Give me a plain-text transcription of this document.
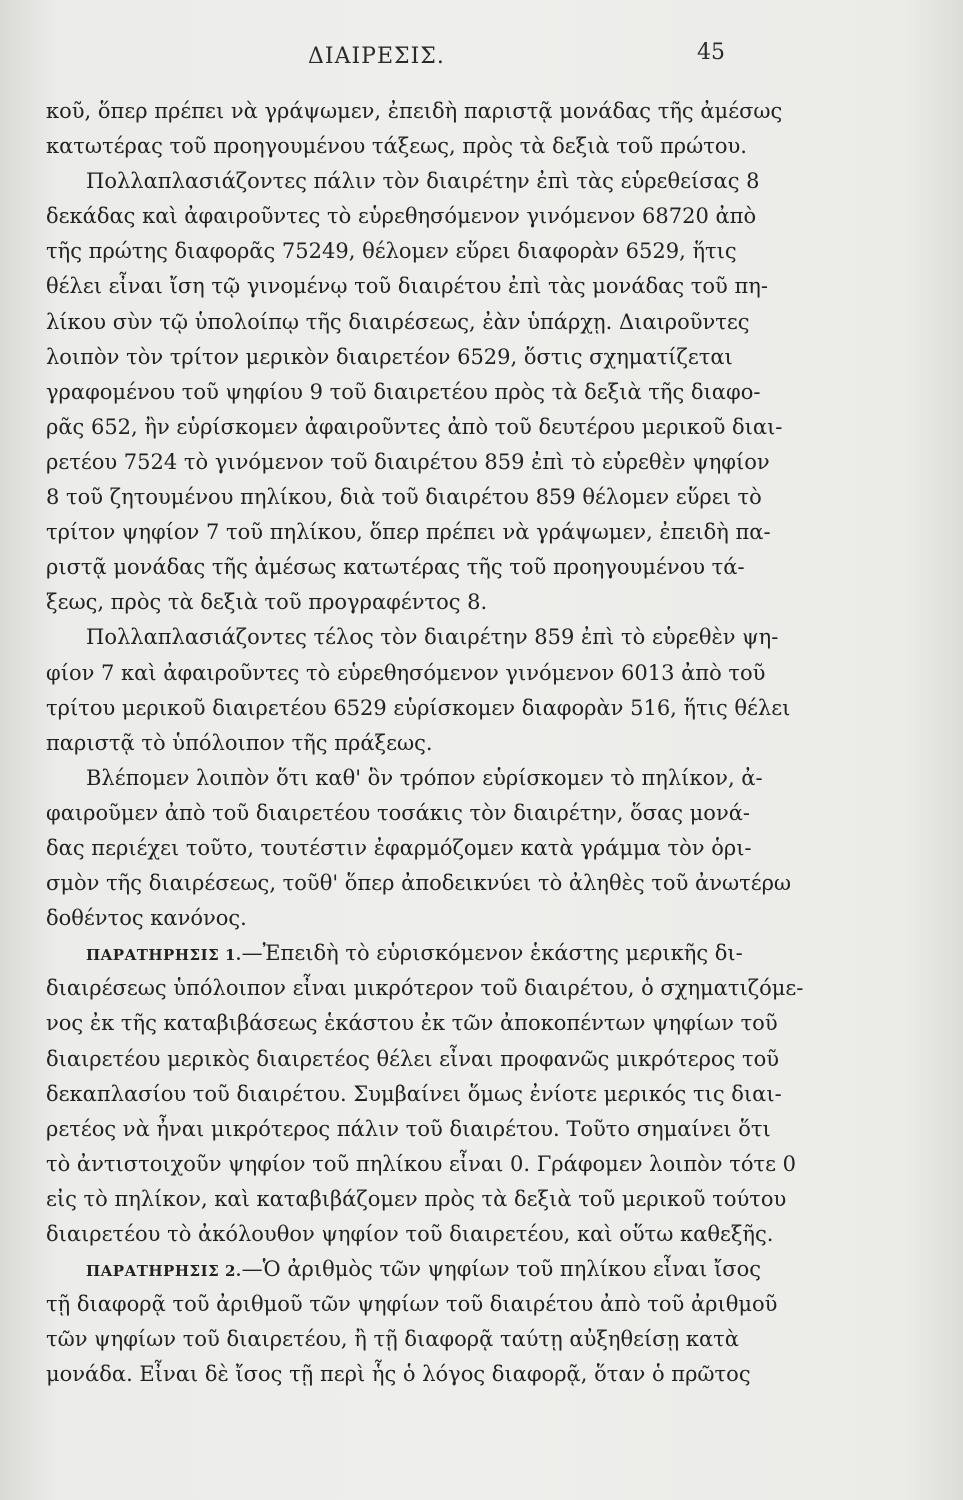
ΔΙΑΙΡΕΣΙΣ.	45
κοῦ, ὅπερ πρέπει νὰ γράψωμεν, ἐπειδὴ παριστᾷ μονάδας τῆς ἀμέσως
κατωτέρας τοῦ προηγουμένου τάξεως, πρὸς τὰ δεξιὰ τοῦ πρώτου.
Πολλαπλασιάζοντες πάλιν τὸν διαιρέτην ἐπὶ τὰς εὑρεθείσας 8
δεκάδας καὶ ἀφαιροῦντες τὸ εὑρεθησόμενον γινόμενον 68720 ἀπὸ
τῆς πρώτης διαφορᾶς 75249, θέλομεν εὕρει διαφορὰν 6529, ἥτις
θέλει εἶναι ἴση τῷ γινομένῳ τοῦ διαιρέτου ἐπὶ τὰς μονάδας τοῦ πη-
λίκου σὺν τῷ ὑπολοίπῳ τῆς διαιρέσεως, ἐὰν ὑπάρχῃ. Διαιροῦντες
λοιπὸν τὸν τρίτον μερικὸν διαιρετέον 6529, ὅστις σχηματίζεται
γραφομένου τοῦ ψηφίου 9 τοῦ διαιρετέου πρὸς τὰ δεξιὰ τῆς διαφο-
ρᾶς 652, ἢν εὑρίσκομεν ἀφαιροῦντες ἀπὸ τοῦ δευτέρου μερικοῦ διαι-
ρετέου 7524 τὸ γινόμενον τοῦ διαιρέτου 859 ἐπὶ τὸ εὑρεθὲν ψηφίον
8 τοῦ ζητουμένου πηλίκου, διὰ τοῦ διαιρέτου 859 θέλομεν εὕρει τὸ
τρίτον ψηφίον 7 τοῦ πηλίκου, ὅπερ πρέπει νὰ γράψωμεν, ἐπειδὴ πα-
ριστᾷ μονάδας τῆς ἀμέσως κατωτέρας τῆς τοῦ προηγουμένου τά-
ξεως, πρὸς τὰ δεξιὰ τοῦ προγραφέντος 8.
Πολλαπλασιάζοντες τέλος τὸν διαιρέτην 859 ἐπὶ τὸ εὑρεθὲν ψη-
φίον 7 καὶ ἀφαιροῦντες τὸ εὑρεθησόμενον γινόμενον 6013 ἀπὸ τοῦ
τρίτου μερικοῦ διαιρετέου 6529 εὑρίσκομεν διαφορὰν 516, ἥτις θέλει
παριστᾷ τὸ ὑπόλοιπον τῆς πράξεως.
Βλέπομεν λοιπὸν ὅτι καθ' ὃν τρόπον εὑρίσκομεν τὸ πηλίκον, ἀ-
φαιροῦμεν ἀπὸ τοῦ διαιρετέου τοσάκις τὸν διαιρέτην, ὅσας μονά-
δας περιέχει τοῦτο, τουτέστιν ἐφαρμόζομεν κατὰ γράμμα τὸν ὁρι-
σμὸν τῆς διαιρέσεως, τοῦθ' ὅπερ ἀποδεικνύει τὸ ἀληθὲς τοῦ ἀνωτέρω
δοθέντος κανόνος.
ΠΑΡΑΤΗΡΗΣΙΣ 1.—Ἐπειδὴ τὸ εὑρισκόμενον ἑκάστης μερικῆς δι-
διαιρέσεως ὑπόλοιπον εἶναι μικρότερον τοῦ διαιρέτου, ὁ σχηματιζόμε-
νος ἐκ τῆς καταβιβάσεως ἑκάστου ἐκ τῶν ἀποκοπέντων ψηφίων τοῦ
διαιρετέου μερικὸς διαιρετέος θέλει εἶναι προφανῶς μικρότερος τοῦ
δεκαπλασίου τοῦ διαιρέτου. Συμβαίνει ὅμως ἐνίοτε μερικός τις διαι-
ρετέος νὰ ἦναι μικρότερος πάλιν τοῦ διαιρέτου. Τοῦτο σημαίνει ὅτι
τὸ ἀντιστοιχοῦν ψηφίον τοῦ πηλίκου εἶναι 0. Γράφομεν λοιπὸν τότε 0
εἰς τὸ πηλίκον, καὶ καταβιβάζομεν πρὸς τὰ δεξιὰ τοῦ μερικοῦ τούτου
διαιρετέου τὸ ἀκόλουθον ψηφίον τοῦ διαιρετέου, καὶ οὕτω καθεξῆς.
ΠΑΡΑΤΗΡΗΣΙΣ 2.—Ὁ ἀριθμὸς τῶν ψηφίων τοῦ πηλίκου εἶναι ἴσος
τῇ διαφορᾷ τοῦ ἀριθμοῦ τῶν ψηφίων τοῦ διαιρέτου ἀπὸ τοῦ ἀριθμοῦ
τῶν ψηφίων τοῦ διαιρετέου, ἢ τῇ διαφορᾷ ταύτῃ αὐξηθείσῃ κατὰ
μονάδα. Εἶναι δὲ ἴσος τῇ περὶ ἧς ὁ λόγος διαφορᾷ, ὅταν ὁ πρῶτος
